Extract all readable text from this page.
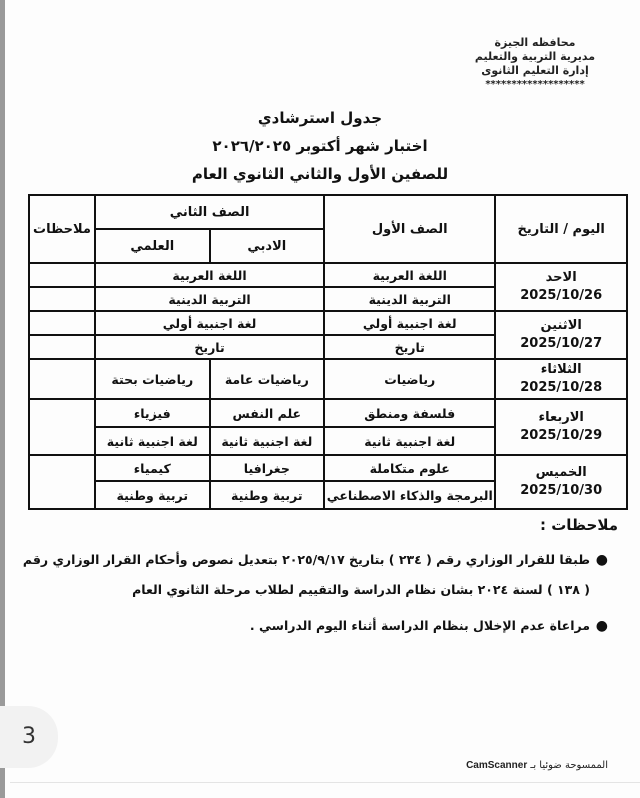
محافظه الجيزة
مديرية التربية والتعليم
إدارة التعليم الثانوى
*******************
جدول استرشادي
اختبار شهر أكتوبر ٢٠٢٦/٢٠٢٥
للصفين الأول والثاني الثانوي العام
اليوم / التاريخ	الصف الأول	الصف الثاني		ملاحظات
		الادبي	العلمي	

الاحد
2025/10/26	اللغة العربية	اللغة العربية		
	التربية الدينية	التربية الدينية		

الاثنين
2025/10/27	لغة اجنبية أولي	لغة اجنبية أولي		
	تاريخ	تاريخ		

الثلاثاء
2025/10/28	رياضيات	رياضيات عامة	رياضيات بحتة	

الاربعاء
2025/10/29	فلسفة ومنطق	علم النفس	فيزياء	
	لغة اجنبية ثانية	لغة اجنبية ثانية	لغة اجنبية ثانية	

الخميس
2025/10/30	علوم متكاملة	جغرافيا	كيمياء	
	البرمجة والذكاء الاصطناعي	تربية وطنية	تربية وطنية	
ملاحظات :
●
طبقا للقرار الوزاري رقم ( ٢٣٤ ) بتاريخ ٢٠٢٥/٩/١٧ بتعديل نصوص وأحكام القرار الوزاري رقم ( ١٣٨ ) لسنة ٢٠٢٤ بشان نظام الدراسة والتقييم لطلاب مرحلة الثانوي العام
●
مراعاة عدم الإخلال بنظام الدراسة أثناء اليوم الدراسي .
3
الممسوحة ضوئيا بـ CamScanner
